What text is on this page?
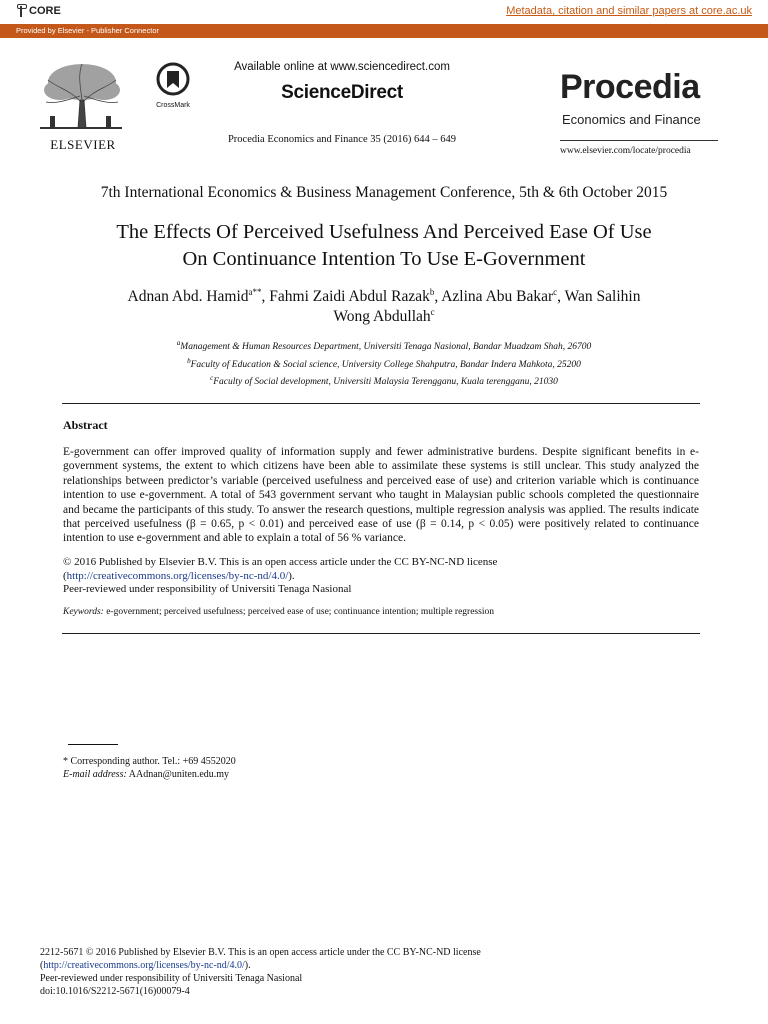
CORE	Metadata, citation and similar papers at core.ac.uk
Provided by Elsevier - Publisher Connector
ELSEVIER
CrossMark
Available online at www.sciencedirect.com
ScienceDirect
Procedia Economics and Finance 35 (2016) 644 – 649
Procedia
Economics and Finance
www.elsevier.com/locate/procedia
7th International Economics & Business Management Conference, 5th & 6th October 2015
The Effects Of Perceived Usefulness And Perceived Ease Of Use
On Continuance Intention To Use E-Government
Adnan Abd. Hamid$^{a**}$, Fahmi Zaidi Abdul Razak$^b$, Azlina Abu Bakar$^c$, Wan Salihin
Wong Abdullah$^c$
$^a$Management & Human Resources Department, Universiti Tenaga Nasional, Bandar Muadzam Shah, 26700
$^b$Faculty of Education & Social science, University College Shahputra, Bandar Indera Mahkota, 25200
$^c$Faculty of Social development, Universiti Malaysia Terengganu, Kuala terengganu, 21030
Abstract

E-government can offer improved quality of information supply and fewer administrative burdens. Despite significant benefits in e-government systems, the extent to which citizens have been able to assimilate these systems is still unclear. This study analyzed the relationships between predictor’s variable (perceived usefulness and perceived ease of use) and criterion variable which is continuance intention to use e-government. A total of 543 government servant who taught in Malaysian public schools completed the questionnaire and became the participants of this study. To answer the research questions, multiple regression analysis was applied. The results indicate that perceived usefulness (β = 0.65, p < 0.01) and perceived ease of use (β = 0.14, p < 0.05) were positively related to continuance intention to use e-government and able to explain a total of 56 % variance.

© 2016 Published by Elsevier B.V. This is an open access article under the CC BY-NC-ND license
(http://creativecommons.org/licenses/by-nc-nd/4.0/).
Peer-reviewed under responsibility of Universiti Tenaga Nasional
Keywords: e-government; perceived usefulness; perceived ease of use; continuance intention; multiple regression
* Corresponding author. Tel.: +69 4552020
E-mail address: AAdnan@uniten.edu.my
2212-5671 © 2016 Published by Elsevier B.V. This is an open access article under the CC BY-NC-ND license
(http://creativecommons.org/licenses/by-nc-nd/4.0/).
Peer-reviewed under responsibility of Universiti Tenaga Nasional
doi:10.1016/S2212-5671(16)00079-4
